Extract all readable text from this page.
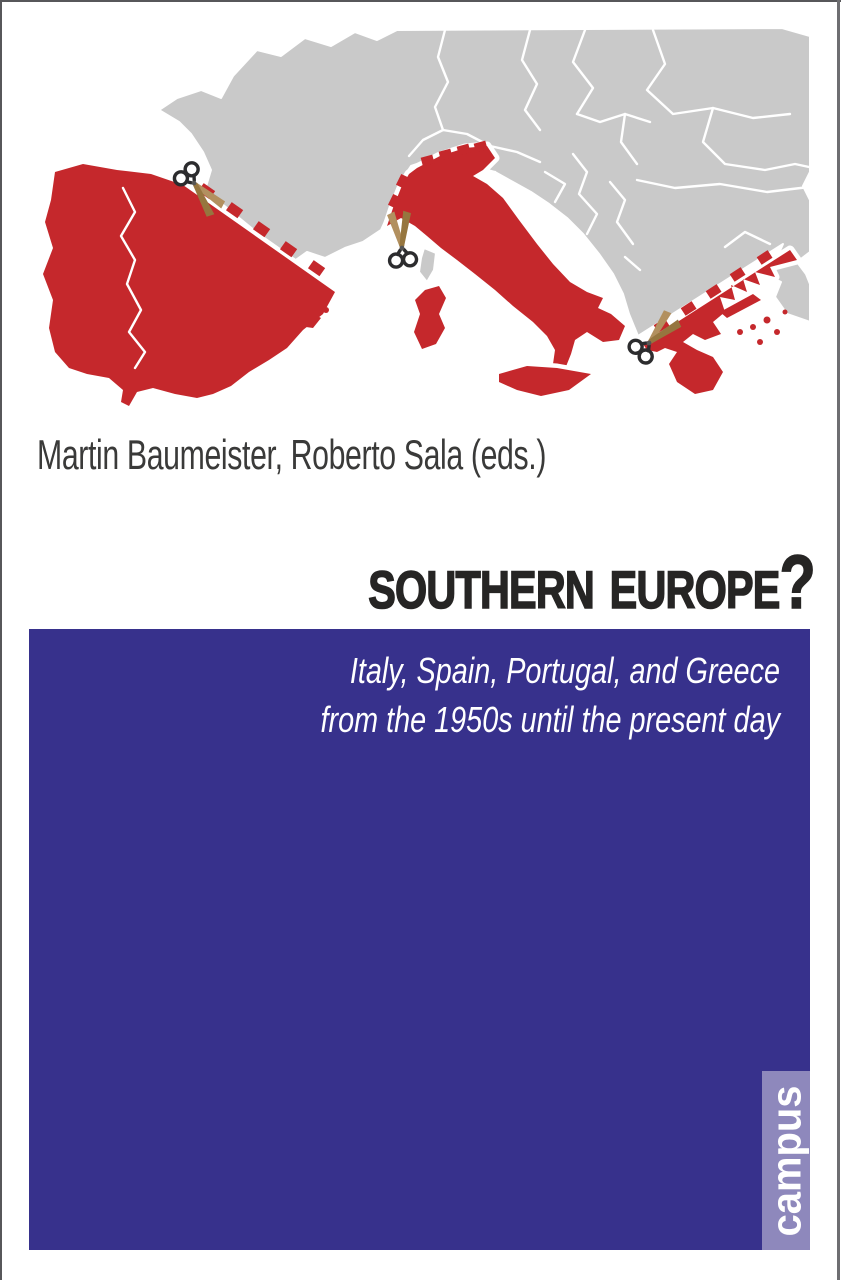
Martin Baumeister, Roberto Sala (eds.)
southern europe?
Italy, Spain, Portugal, and Greece
from the 1950s until the present day
campus
